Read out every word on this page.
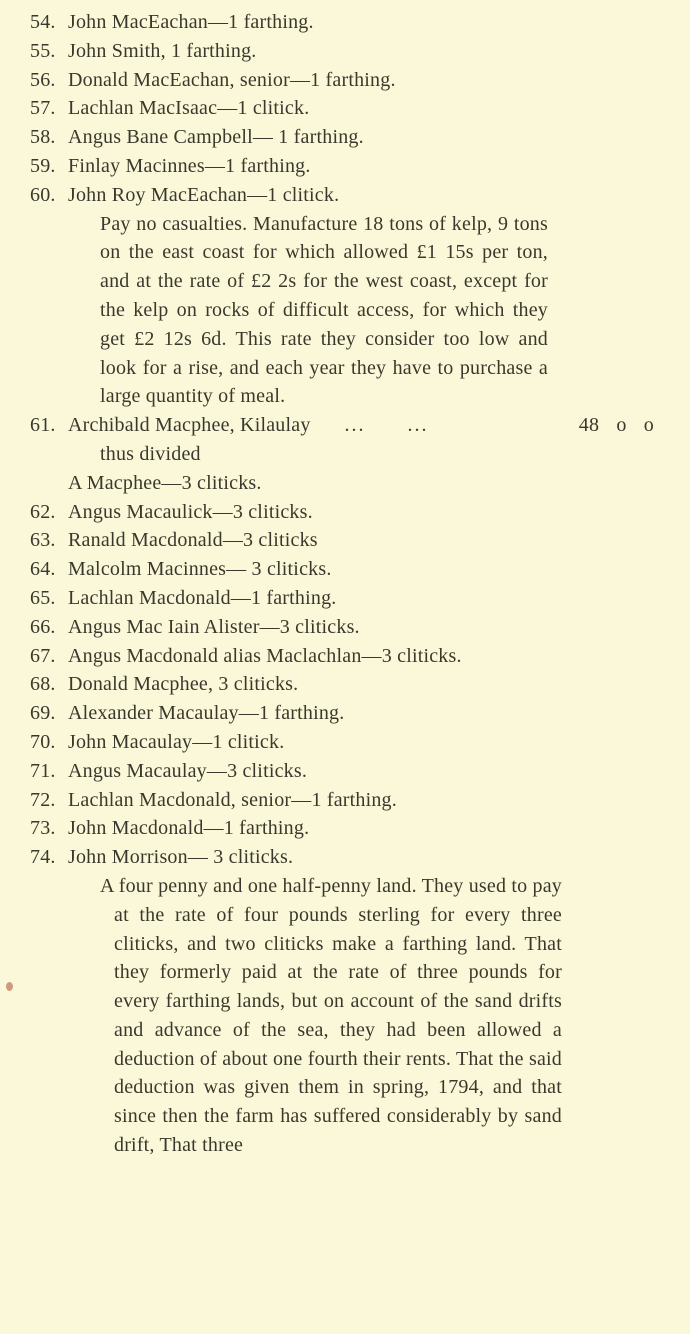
54. John MacEachan—1 farthing.
55. John Smith, 1 farthing.
56. Donald MacEachan, senior—1 farthing.
57. Lachlan MacIsaac—1 clitick.
58. Angus Bane Campbell— 1 farthing.
59. Finlay Macinnes—1 farthing.
60. John Roy MacEachan—1 clitick.

Pay no casualties. Manufacture 18 tons of kelp, 9 tons on the east coast for which allowed £1 15s per ton, and at the rate of £2 2s for the west coast, except for the kelp on rocks of difficult access, for which they get £2 12s 6d. This rate they consider too low and look for a rise, and each year they have to purchase a large quantity of meal.

61. Archibald Macphee, Kilaulay ...      ...	48 o o
thus divided
A Macphee—3 cliticks.
62. Angus Macaulick—3 cliticks.
63. Ranald Macdonald—3 cliticks
64. Malcolm Macinnes— 3 cliticks.
65. Lachlan Macdonald—1 farthing.
66. Angus Mac Iain Alister—3 cliticks.
67. Angus Macdonald alias Maclachlan—3 cliticks.
68. Donald Macphee, 3 cliticks.
69. Alexander Macaulay—1 farthing.
70. John Macaulay—1 clitick.
71. Angus Macaulay—3 cliticks.
72. Lachlan Macdonald, senior—1 farthing.
73. John Macdonald—1 farthing.
74. John Morrison— 3 cliticks.

A four penny and one half-penny land. They used to pay at the rate of four pounds sterling for every three cliticks, and two cliticks make a farthing land. That they formerly paid at the rate of three pounds for every farthing lands, but on account of the sand drifts and advance of the sea, they had been allowed a deduction of about one fourth their rents. That the said deduction was given them in spring, 1794, and that since then the farm has suffered considerably by sand drift, That three
